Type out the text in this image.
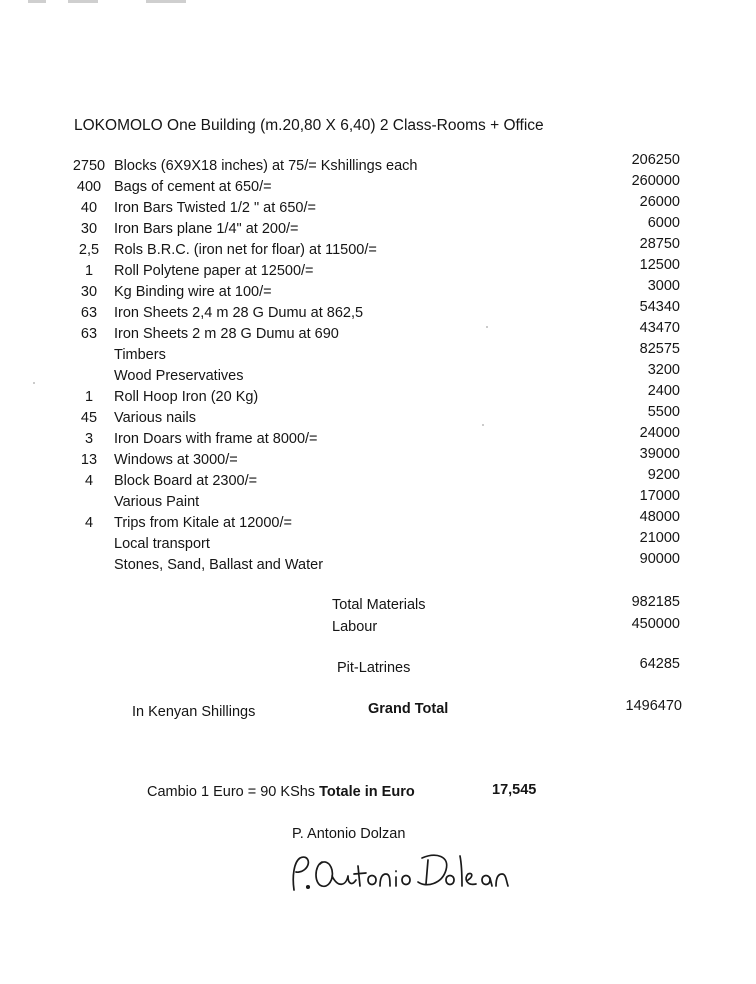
LOKOMOLO One Building (m.20,80 X 6,40) 2 Class-Rooms + Office
2750 Blocks (6X9X18 inches) at 75/= Kshillings each	206250
400 Bags of cement at 650/=	260000
40	Iron Bars Twisted 1/2 " at 650/=	26000
30	Iron Bars plane 1/4" at 200/=	6000
2,5	Rols B.R.C. (iron net for floar) at 11500/=	28750
1	Roll Polytene paper at 12500/=	12500
30	Kg Binding wire at 100/=	3000
63	Iron Sheets 2,4 m 28 G Dumu at 862,5	54340
63	Iron Sheets 2 m 28 G Dumu at 690	43470
Timbers	82575
Wood Preservatives	3200
1	Roll Hoop Iron (20 Kg)	2400
45	Various nails	5500
3	Iron Doars with frame at 8000/=	24000
13	Windows at 3000/=	39000
4	Block Board at 2300/=	9200
Various Paint	17000
4	Trips from Kitale at 12000/=	48000
Local transport	21000
Stones, Sand, Ballast and Water	90000
Total Materials	982185
Labour	450000
Pit-Latrines	64285
In Kenyan Shillings	Grand Total	1496470
Cambio 1 Euro = 90 KShs Totale in Euro	17,545
P. Antonio Dolzan
